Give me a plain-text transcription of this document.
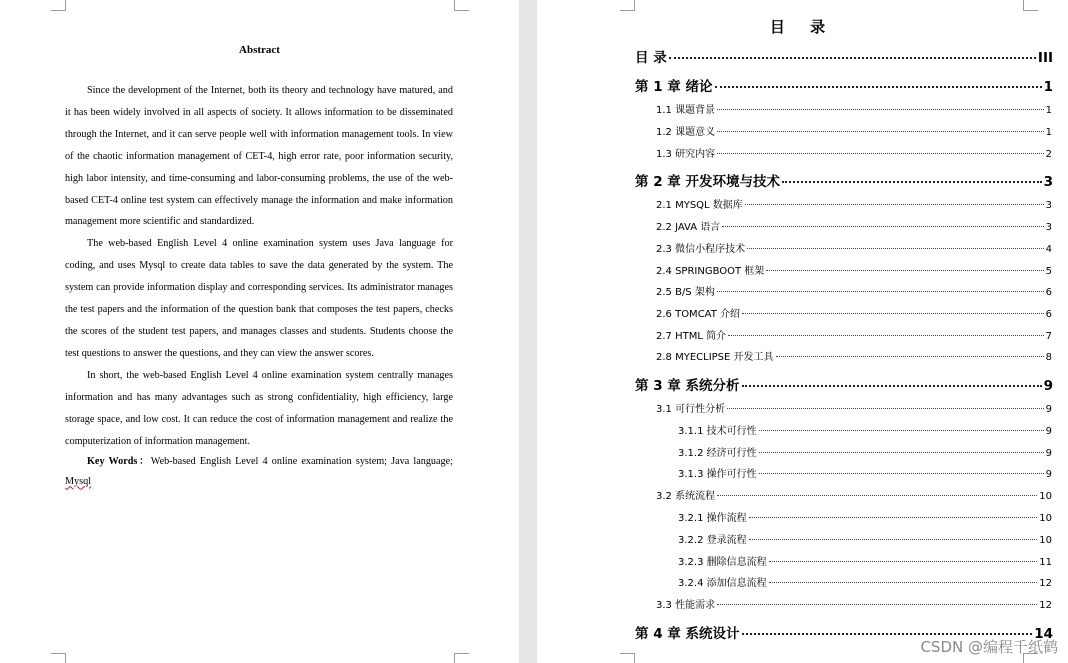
Abstract

Since the development of the Internet, both its theory and technology have matured, and it has been widely involved in all aspects of society. It allows information to be disseminated through the Internet, and it can serve people well with information management tools. In view of the chaotic information management of CET-4, high error rate, poor information security, high labor intensity, and time-consuming and labor-consuming problems, the use of the web-based CET-4 online test system can effectively manage the information and make information management more scientific and standardized.

The web-based English Level 4 online examination system uses Java language for coding, and uses Mysql to create data tables to save the data generated by the system. The system can provide information display and corresponding services. Its administrator manages the test papers and the information of the question bank that composes the test papers, checks the scores of the student test papers, and manages classes and students. Students choose the test questions to answer the questions, and they can view the answer scores.

In short, the web-based English Level 4 online examination system centrally manages information and has many advantages such as strong confidentiality, high efficiency, large storage space, and low cost. It can reduce the cost of information management and realize the computerization of information management.

Key Words：Web-based English Level 4 online examination system; Java language; Mysql

目 录
目 录	III
第 1 章 绪论	1
1.1 课题背景	1
1.2 课题意义	1
1.3 研究内容	2
第 2 章 开发环境与技术	3
2.1 MYSQL 数据库	3
2.2 JAVA 语言	3
2.3 微信小程序技术	4
2.4 SPRINGBOOT 框架	5
2.5 B/S 架构	6
2.6 TOMCAT 介绍	6
2.7 HTML 简介	7
2.8 MYECLIPSE 开发工具	8
第 3 章 系统分析	9
3.1 可行性分析	9
3.1.1 技术可行性	9
3.1.2 经济可行性	9
3.1.3 操作可行性	9
3.2 系统流程	10
3.2.1 操作流程	10
3.2.2 登录流程	10
3.2.3 删除信息流程	11
3.2.4 添加信息流程	12
3.3 性能需求	12
第 4 章 系统设计	14
CSDN @编程千纸鹤
